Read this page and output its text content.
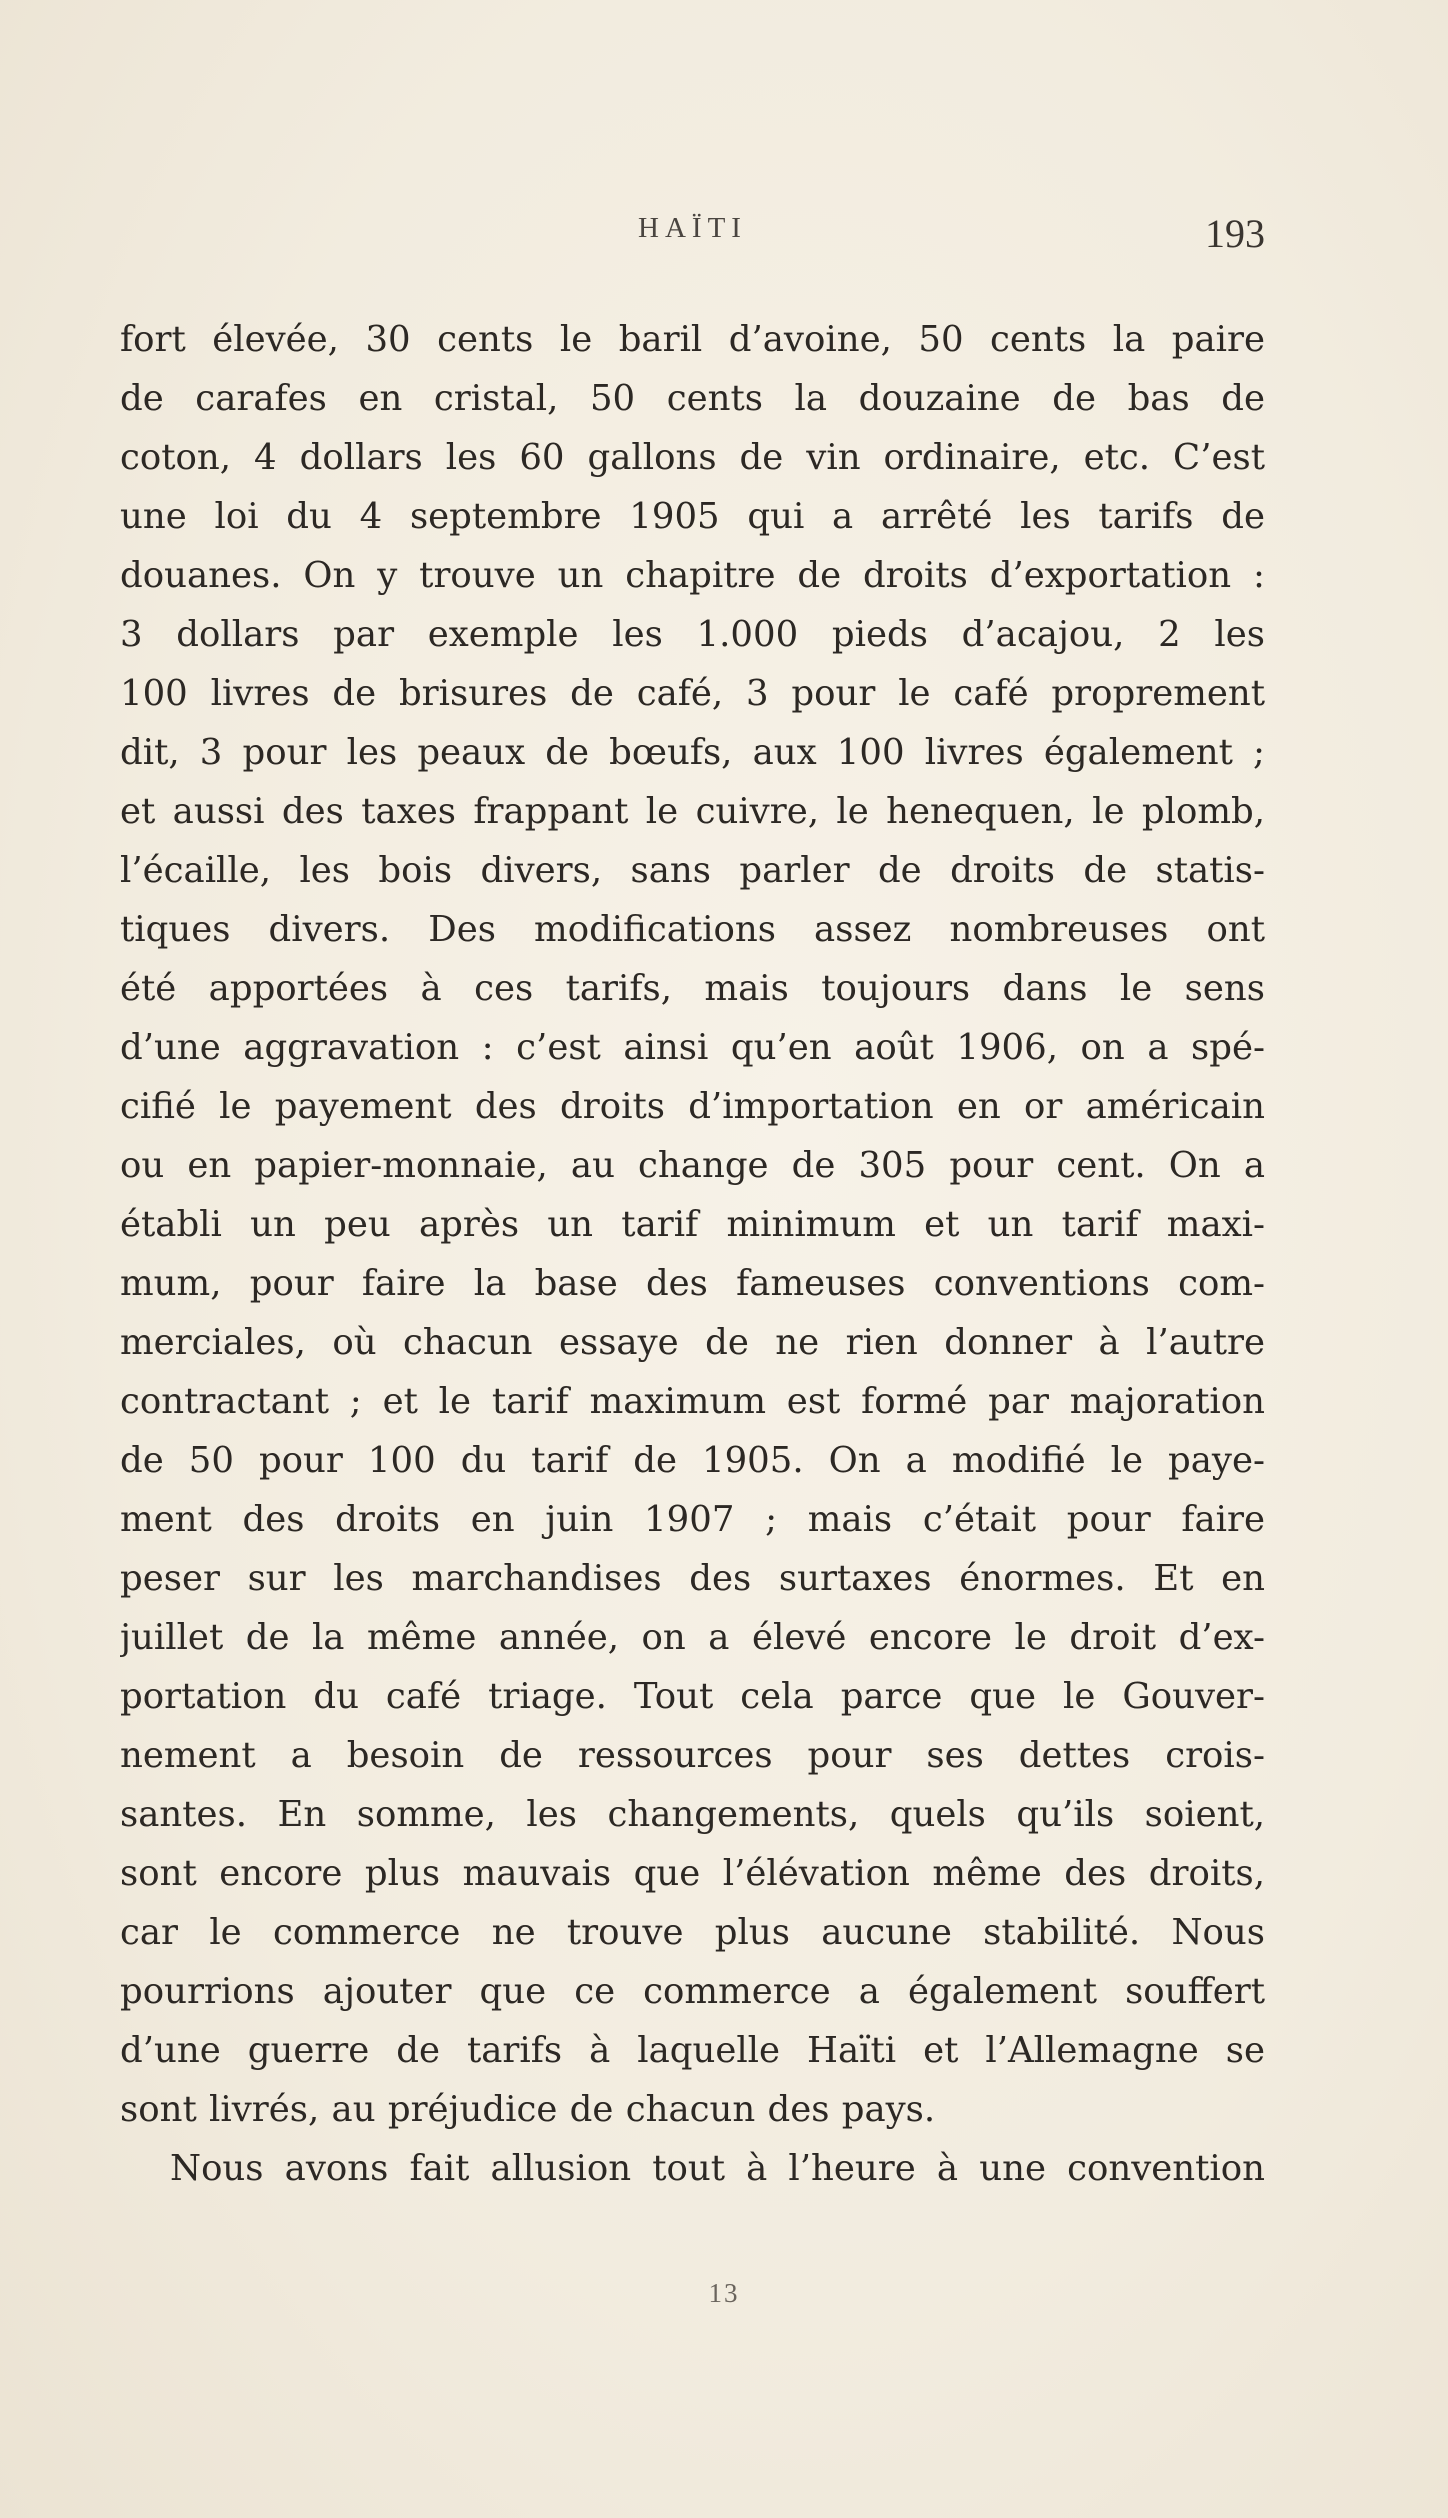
HAÏTI	193
fort élevée, 30 cents le baril d’avoine, 50 cents la paire
de carafes en cristal, 50 cents la douzaine de bas de
coton, 4 dollars les 60 gallons de vin ordinaire, etc. C’est
une loi du 4 septembre 1905 qui a arrêté les tarifs de
douanes. On y trouve un chapitre de droits d’exportation :
3 dollars par exemple les 1.000 pieds d’acajou, 2 les
100 livres de brisures de café, 3 pour le café proprement
dit, 3 pour les peaux de bœufs, aux 100 livres également ;
et aussi des taxes frappant le cuivre, le henequen, le plomb,
l’écaille, les bois divers, sans parler de droits de statis-
tiques divers. Des modifications assez nombreuses ont
été apportées à ces tarifs, mais toujours dans le sens
d’une aggravation : c’est ainsi qu’en août 1906, on a spé-
cifié le payement des droits d’importation en or américain
ou en papier-monnaie, au change de 305 pour cent. On a
établi un peu après un tarif minimum et un tarif maxi-
mum, pour faire la base des fameuses conventions com-
merciales, où chacun essaye de ne rien donner à l’autre
contractant ; et le tarif maximum est formé par majoration
de 50 pour 100 du tarif de 1905. On a modifié le paye-
ment des droits en juin 1907 ; mais c’était pour faire
peser sur les marchandises des surtaxes énormes. Et en
juillet de la même année, on a élevé encore le droit d’ex-
portation du café triage. Tout cela parce que le Gouver-
nement a besoin de ressources pour ses dettes crois-
santes. En somme, les changements, quels qu’ils soient,
sont encore plus mauvais que l’élévation même des droits,
car le commerce ne trouve plus aucune stabilité. Nous
pourrions ajouter que ce commerce a également souffert
d’une guerre de tarifs à laquelle Haïti et l’Allemagne se
sont livrés, au préjudice de chacun des pays.
Nous avons fait allusion tout à l’heure à une convention
13
